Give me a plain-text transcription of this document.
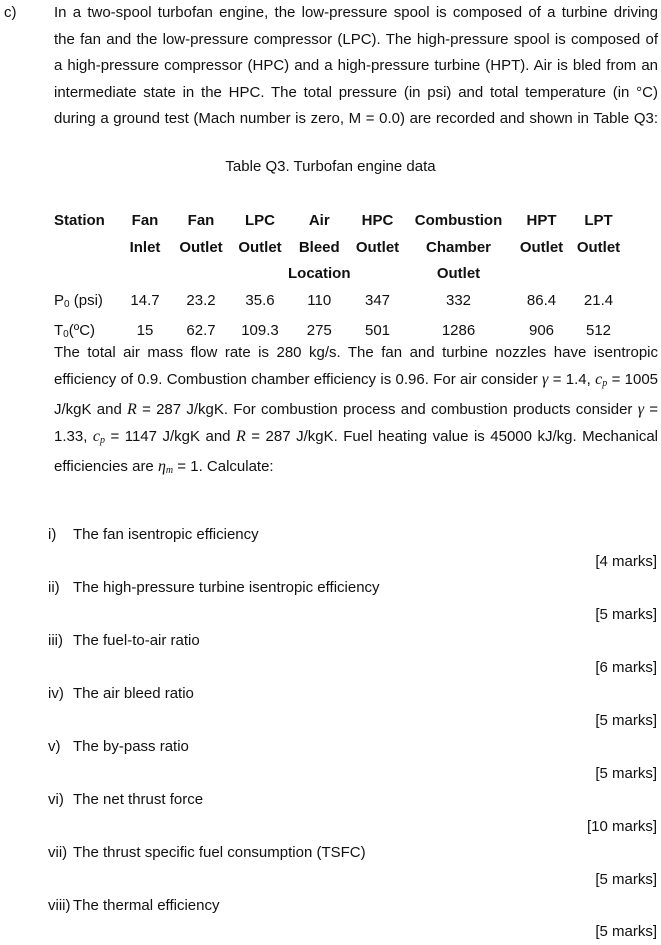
c)	In a two-spool turbofan engine, the low-pressure spool is composed of a turbine driving
the fan and the low-pressure compressor (LPC). The high-pressure spool is composed of
a high-pressure compressor (HPC) and a high-pressure turbine (HPT). Air is bled from an
intermediate state in the HPC. The total pressure (in psi) and total temperature (in °C)
during a ground test (Mach number is zero, M = 0.0) are recorded and shown in Table Q3:
Table Q3. Turbofan engine data
Station	Fan	Fan	LPC	Air	HPC	Combustion	HPT	LPT
	Inlet	Outlet	Outlet	Bleed	Outlet	Chamber	Outlet	Outlet
				Location		Outlet		
$P_0$ (psi)	14.7	23.2	35.6	110	347	332	86.4	21.4
$T_0(ºC)$	15	62.7	109.3	275	501	1286	906	512
The total air mass flow rate is 280 kg/s. The fan and turbine nozzles have isentropic
efficiency of 0.9. Combustion chamber efficiency is 0.96. For air consider γ = 1.4, $c_p = 1005$
J/kgK and R = 287 J/kgK. For combustion process and combustion products consider γ =
1.33, $c_p = 1147$ J/kgK and R = 287 J/kgK. Fuel heating value is 45000 kJ/kg. Mechanical
efficiencies are $\eta_m = 1$. Calculate:
i) The fan isentropic efficiency
[4 marks]
ii) The high-pressure turbine isentropic efficiency
[5 marks]
iii) The fuel-to-air ratio
[6 marks]
iv) The air bleed ratio
[5 marks]
v) The by-pass ratio
[5 marks]
vi) The net thrust force
[10 marks]
vii) The thrust specific fuel consumption (TSFC)
[5 marks]
viii) The thermal efficiency
[5 marks]
